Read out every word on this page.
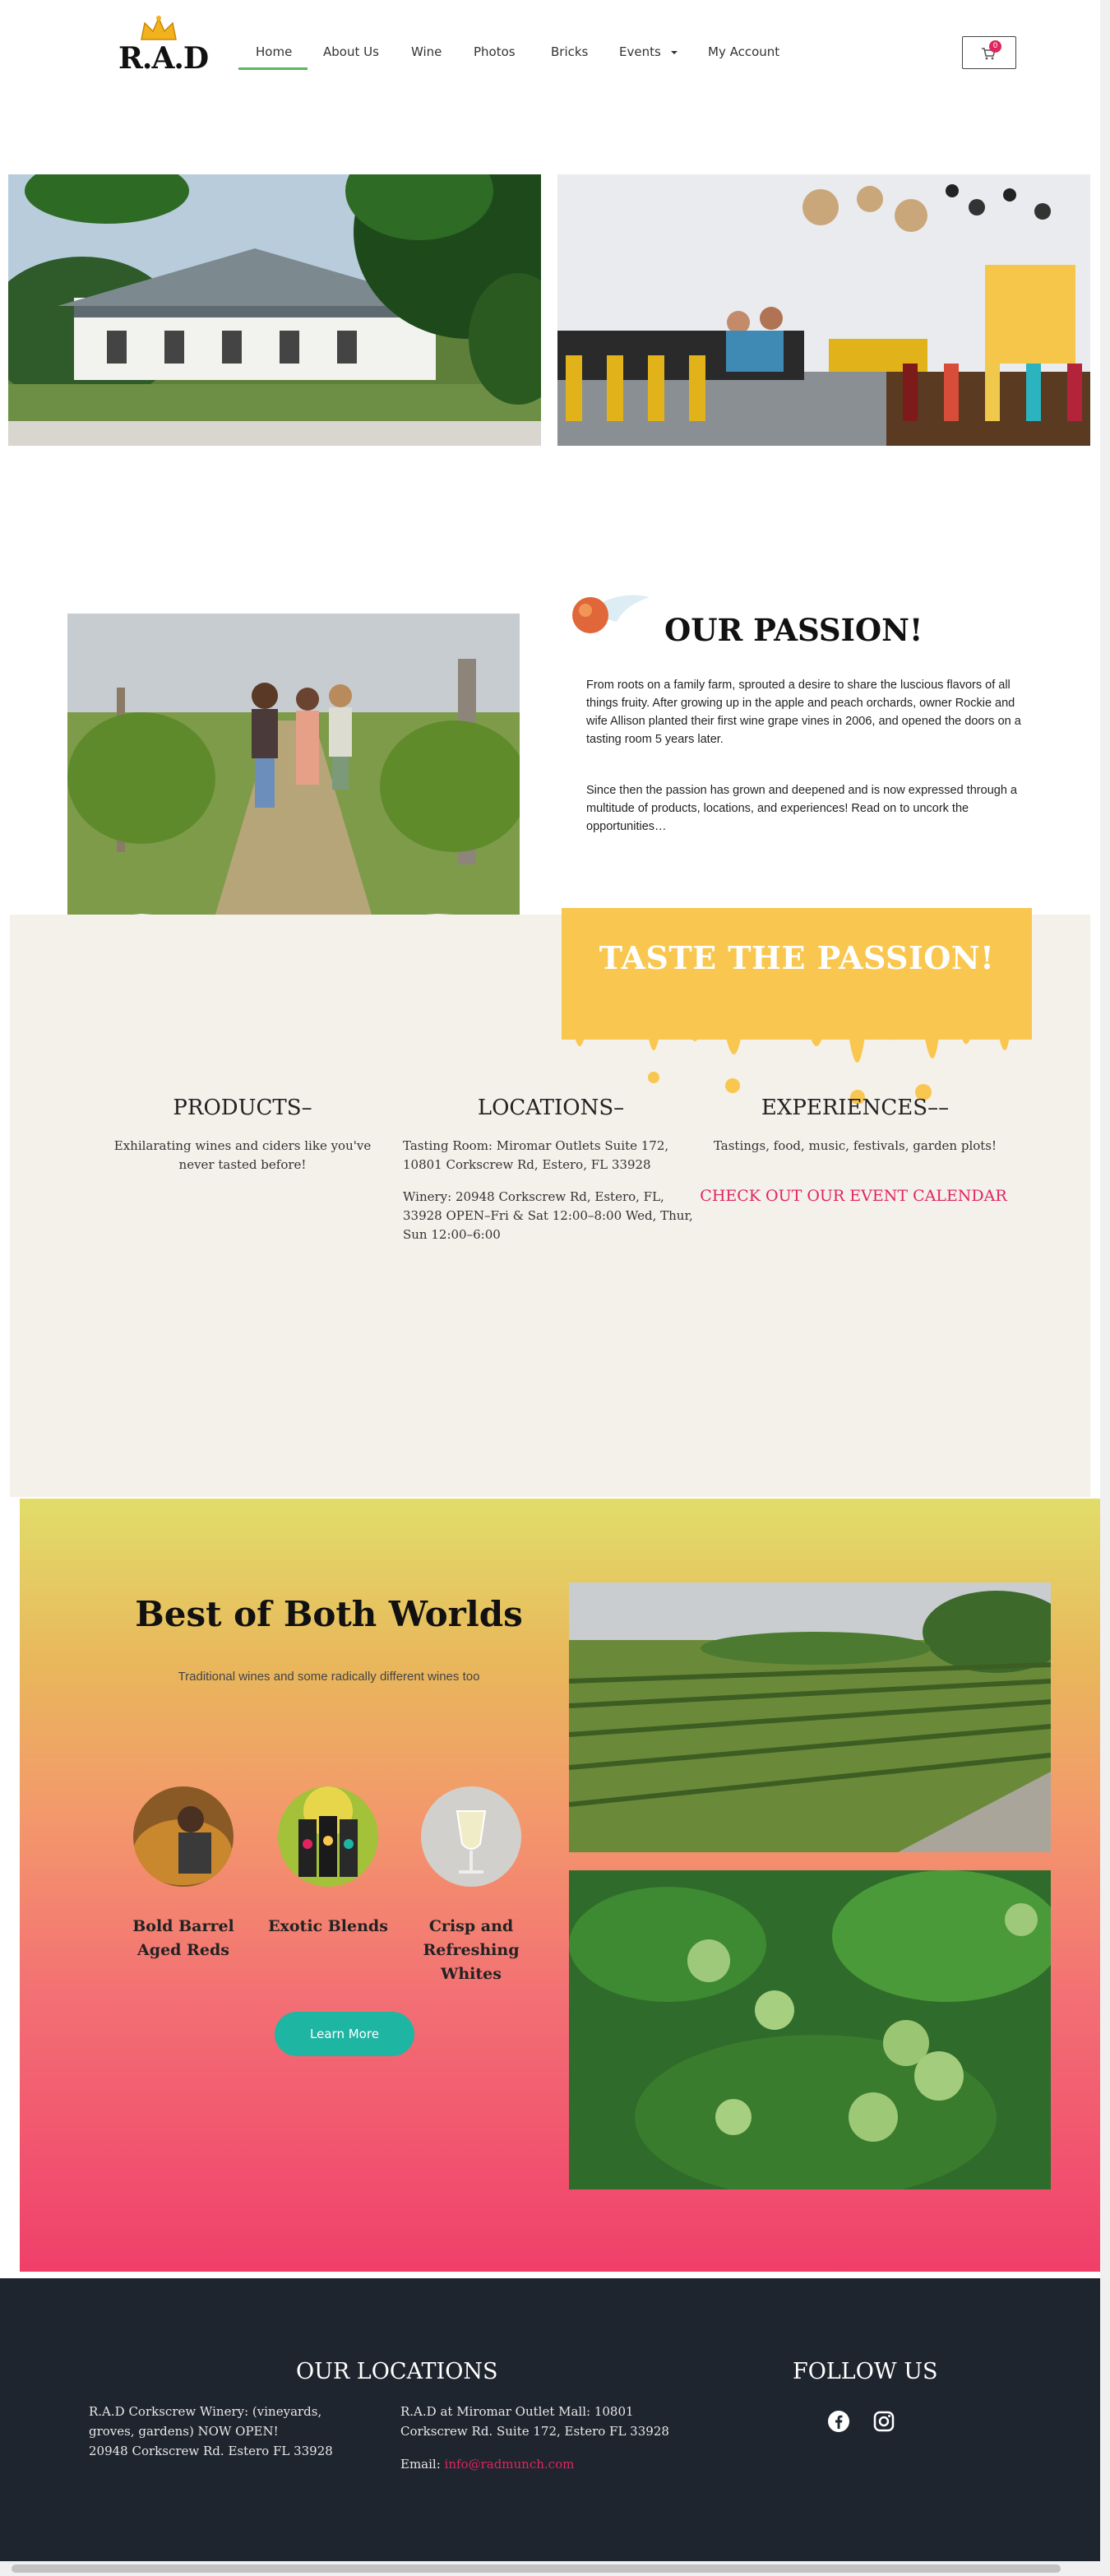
R.A.D	Home	About Us	Wine	Photos	Bricks	Events	My Account	0
OUR PASSION!

From roots on a family farm, sprouted a desire to share the luscious flavors of all things fruity. After growing up in the apple and peach orchards, owner Rockie and wife Allison planted their first wine grape vines in 2006, and opened the doors on a tasting room 5 years later.

Since then the passion has grown and deepened and is now expressed through a multitude of products, locations, and experiences! Read on to uncork the opportunities…

TASTE THE PASSION!
PRODUCTS–
Exhilarating wines and ciders like you've never tasted before!
LOCATIONS–
Tasting Room: Miromar Outlets Suite 172, 10801 Corkscrew Rd, Estero, FL 33928
Winery: 20948 Corkscrew Rd, Estero, FL, 33928 OPEN–Fri & Sat 12:00–8:00 Wed, Thur, Sun 12:00–6:00
EXPERIENCES––
Tastings, food, music, festivals, garden plots!
CHECK OUT OUR EVENT CALENDAR
Best of Both Worlds
Traditional wines and some radically different wines too
Bold Barrel Aged Reds
Exotic Blends	Crisp and Refreshing Whites
Learn More
OUR LOCATIONS
R.A.D Corkscrew Winery: (vineyards, groves, gardens) NOW OPEN!
20948 Corkscrew Rd. Estero FL 33928
R.A.D at Miromar Outlet Mall: 10801 Corkscrew Rd. Suite 172, Estero FL 33928
Email: info@radmunch.com
FOLLOW US
